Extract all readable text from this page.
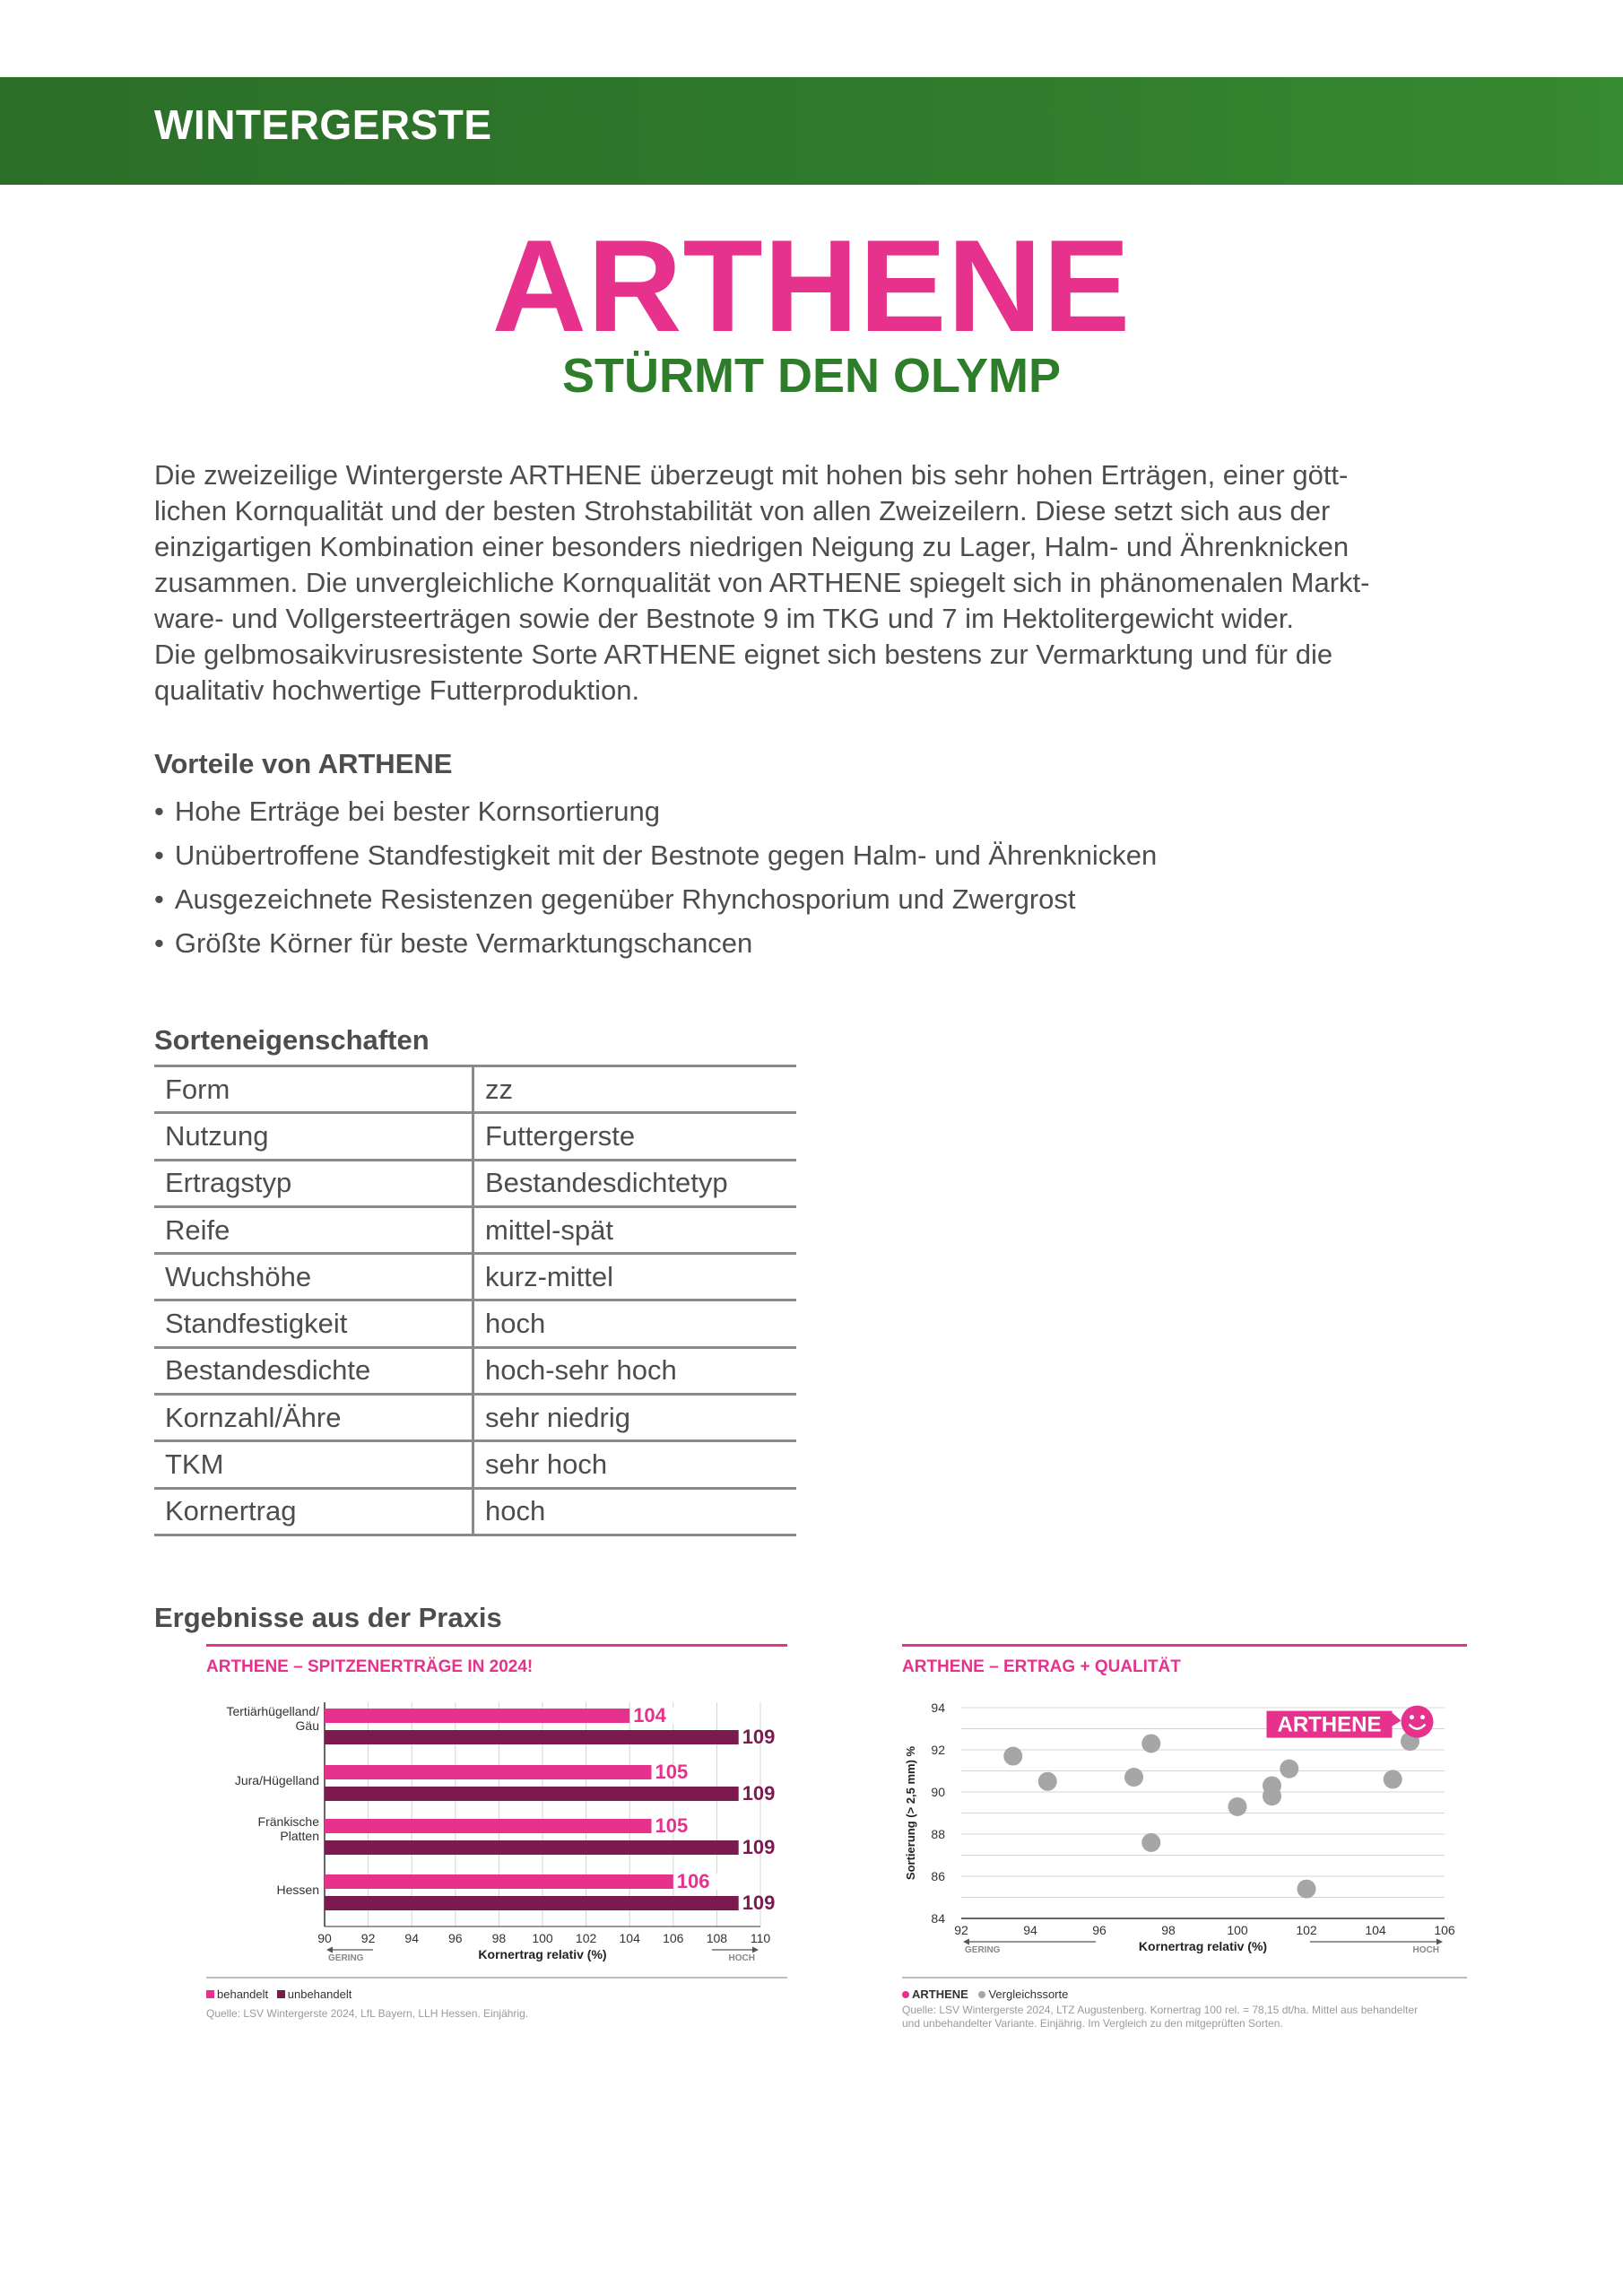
WINTERGERSTE
ARTHENE
STÜRMT DEN OLYMP

Die zweizeilige Wintergerste ARTHENE überzeugt mit hohen bis sehr hohen Erträgen, einer gött-
lichen Kornqualität und der besten Strohstabilität von allen Zweizeilern. Diese setzt sich aus der
einzigartigen Kombination einer besonders niedrigen Neigung zu Lager, Halm- und Ährenknicken
zusammen. Die unvergleichliche Kornqualität von ARTHENE spiegelt sich in phänomenalen Markt-
ware- und Vollgersteerträgen sowie der Bestnote 9 im TKG und 7 im Hektolitergewicht wider.
Die gelbmosaikvirusresistente Sorte ARTHENE eignet sich bestens zur Vermarktung und für die
qualitativ hochwertige Futterproduktion.

Vorteile von ARTHENE
• Hohe Erträge bei bester Kornsortierung
• Unübertroffene Standfestigkeit mit der Bestnote gegen Halm- und Ährenknicken
• Ausgezeichnete Resistenzen gegenüber Rhynchosporium und Zwergrost
• Größte Körner für beste Vermarktungschancen
Sorteneigenschaften
Form	zz
Nutzung	Futtergerste
Ertragstyp	Bestandesdichtetyp
Reife	mittel-spät
Wuchshöhe	kurz-mittel
Standfestigkeit	hoch
Bestandesdichte	hoch-sehr hoch
Kornzahl/Ähre	sehr niedrig
TKM	sehr hoch
Kornertrag	hoch
Ergebnisse aus der Praxis
ARTHENE – SPITZENERTRÄGE IN 2024!
Tertiärhügelland/ Gäu	104
109
Jura/Hügelland	105
109
Fränkische Platten	105
109
Hessen	106
109
90 92 94 96 98 100 102 104 106 108 110
GERING	HOCH
Kornertrag relativ (%)
behandelt unbehandelt
Quelle: LSV Wintergerste 2024, LfL Bayern, LLH Hessen. Einjährig.
ARTHENE – ERTRAG + QUALITÄT
84
86
88
90
92
94
92	94	96	98	100	102	104	106
Sortierung (> 2,5 mm) %
ARTHENE
GERING	HOCH
Kornertrag relativ (%)
ARTHENE Vergleichssorte
Quelle: LSV Wintergerste 2024, LTZ Augustenberg. Kornertrag 100 rel. = 78,15 dt/ha. Mittel aus behandelter und unbehandelter Variante. Einjährig. Im Vergleich zu den mitgeprüften Sorten.
